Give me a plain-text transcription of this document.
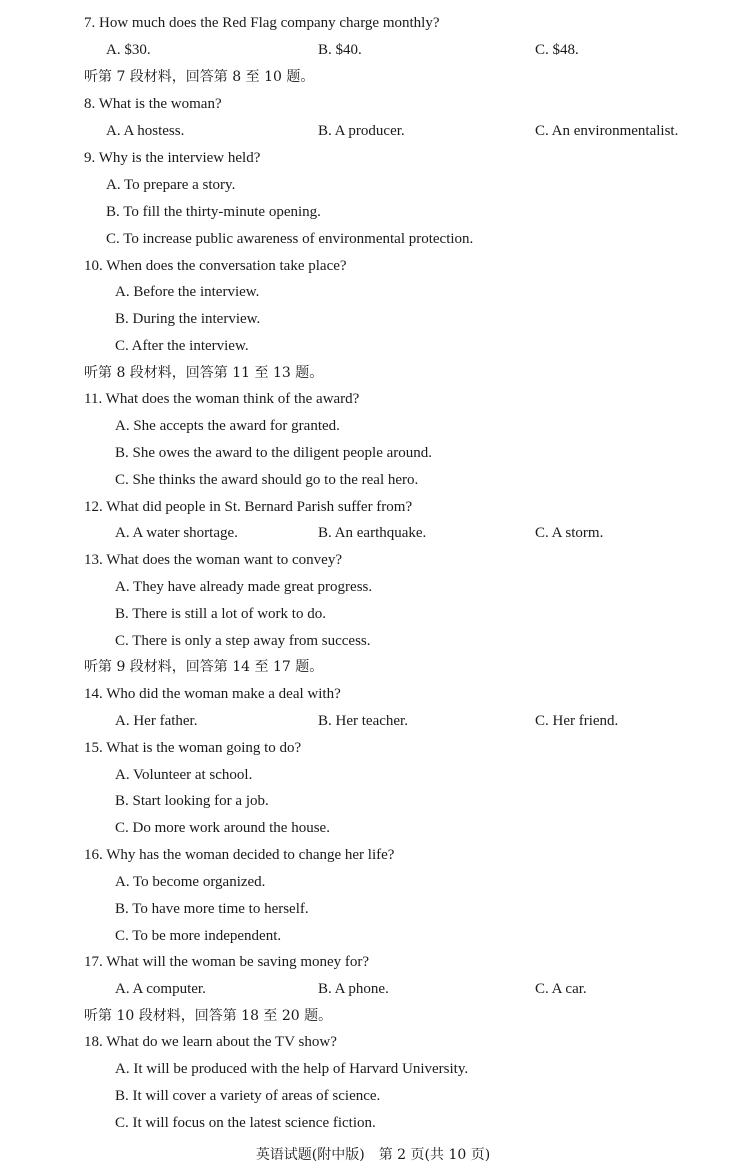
7. How much does the Red Flag company charge monthly?
A. $30.	B. $40.	C. $48.
听第 7 段材料，回答第 8 至 10 题。
8. What is the woman?
A. A hostess.	B. A producer.	C. An environmentalist.
9. Why is the interview held?
A. To prepare a story.
B. To fill the thirty-minute opening.
C. To increase public awareness of environmental protection.
10. When does the conversation take place?
A. Before the interview.
B. During the interview.
C. After the interview.
听第 8 段材料，回答第 11 至 13 题。
11. What does the woman think of the award?
A. She accepts the award for granted.
B. She owes the award to the diligent people around.
C. She thinks the award should go to the real hero.
12. What did people in St. Bernard Parish suffer from?
A. A water shortage.	B. An earthquake.	C. A storm.
13. What does the woman want to convey?
A. They have already made great progress.
B. There is still a lot of work to do.
C. There is only a step away from success.
听第 9 段材料，回答第 14 至 17 题。
14. Who did the woman make a deal with?
A. Her father.	B. Her teacher.	C. Her friend.
15. What is the woman going to do?
A. Volunteer at school.
B. Start looking for a job.
C. Do more work around the house.
16. Why has the woman decided to change her life?
A. To become organized.
B. To have more time to herself.
C. To be more independent.
17. What will the woman be saving money for?
A. A computer.	B. A phone.	C. A car.
听第 10 段材料，回答第 18 至 20 题。
18. What do we learn about the TV show?
A. It will be produced with the help of Harvard University.
B. It will cover a variety of areas of science.
C. It will focus on the latest science fiction.
英语试题(附中版)　第 2 页(共 10 页)
